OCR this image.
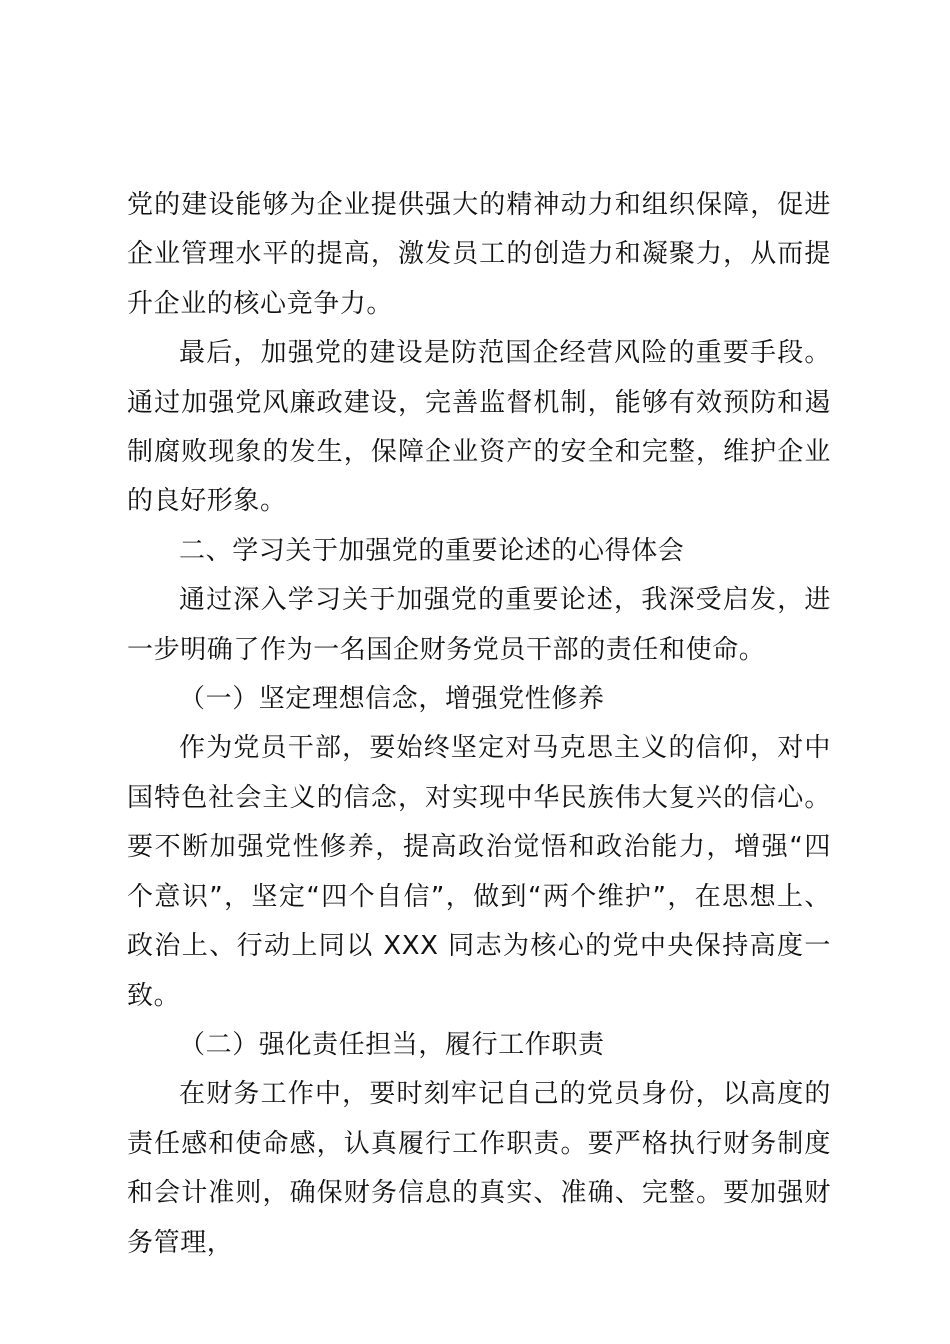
党的建设能够为企业提供强大的精神动力和组织保障，促进企业管理水平的提高，激发员工的创造力和凝聚力，从而提升企业的核心竞争力。

最后，加强党的建设是防范国企经营风险的重要手段。通过加强党风廉政建设，完善监督机制，能够有效预防和遏制腐败现象的发生，保障企业资产的安全和完整，维护企业的良好形象。

二、学习关于加强党的重要论述的心得体会

通过深入学习关于加强党的重要论述，我深受启发，进一步明确了作为一名国企财务党员干部的责任和使命。

（一）坚定理想信念，增强党性修养

作为党员干部，要始终坚定对马克思主义的信仰，对中国特色社会主义的信念，对实现中华民族伟大复兴的信心。要不断加强党性修养，提高政治觉悟和政治能力，增强“四个意识”，坚定“四个自信”，做到“两个维护”，在思想上、政治上、行动上同以 XXX 同志为核心的党中央保持高度一致。

（二）强化责任担当，履行工作职责

在财务工作中，要时刻牢记自己的党员身份，以高度的责任感和使命感，认真履行工作职责。要严格执行财务制度和会计准则，确保财务信息的真实、准确、完整。要加强财务管理，
